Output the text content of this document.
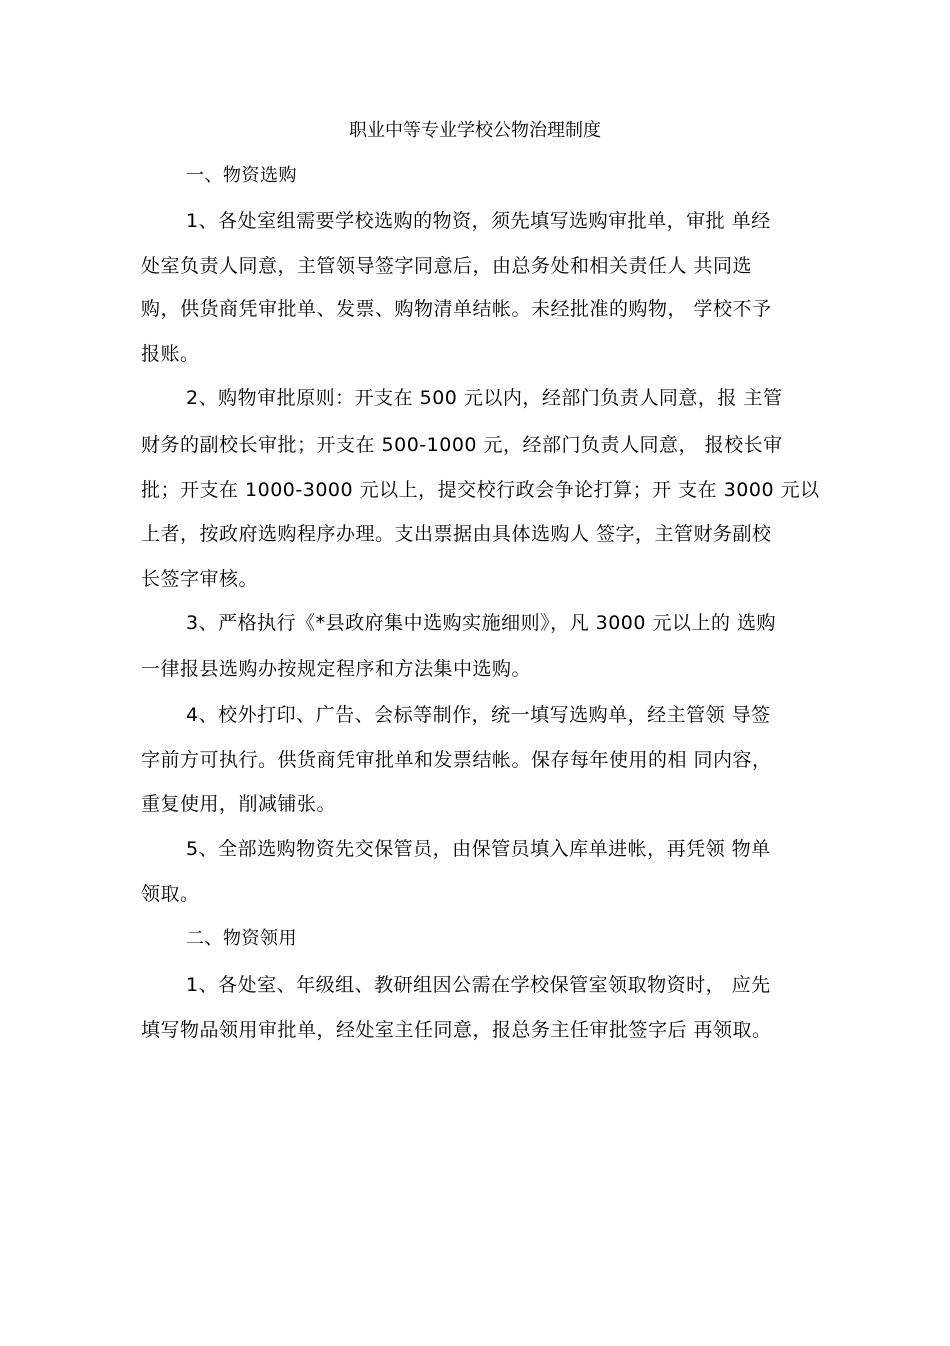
职业中等专业学校公物治理制度
一、物资选购
1、各处室组需要学校选购的物资，须先填写选购审批单，审批 单经
处室负责人同意，主管领导签字同意后，由总务处和相关责任人 共同选
购，供货商凭审批单、发票、购物清单结帐。未经批准的购物， 学校不予
报账。
2、购物审批原则：开支在 500 元以内，经部门负责人同意，报 主管
财务的副校长审批；开支在 500-1000 元，经部门负责人同意， 报校长审
批；开支在 1000-3000 元以上，提交校行政会争论打算；开 支在 3000 元以
上者，按政府选购程序办理。支出票据由具体选购人 签字，主管财务副校
长签字审核。
3、严格执行《*县政府集中选购实施细则》，凡 3000 元以上的 选购
一律报县选购办按规定程序和方法集中选购。
4、校外打印、广告、会标等制作，统一填写选购单，经主管领 导签
字前方可执行。供货商凭审批单和发票结帐。保存每年使用的相 同内容，
重复使用，削减铺张。
5、全部选购物资先交保管员，由保管员填入库单进帐，再凭领 物单
领取。
二、物资领用
1、各处室、年级组、教研组因公需在学校保管室领取物资时， 应先
填写物品领用审批单，经处室主任同意，报总务主任审批签字后 再领取。
